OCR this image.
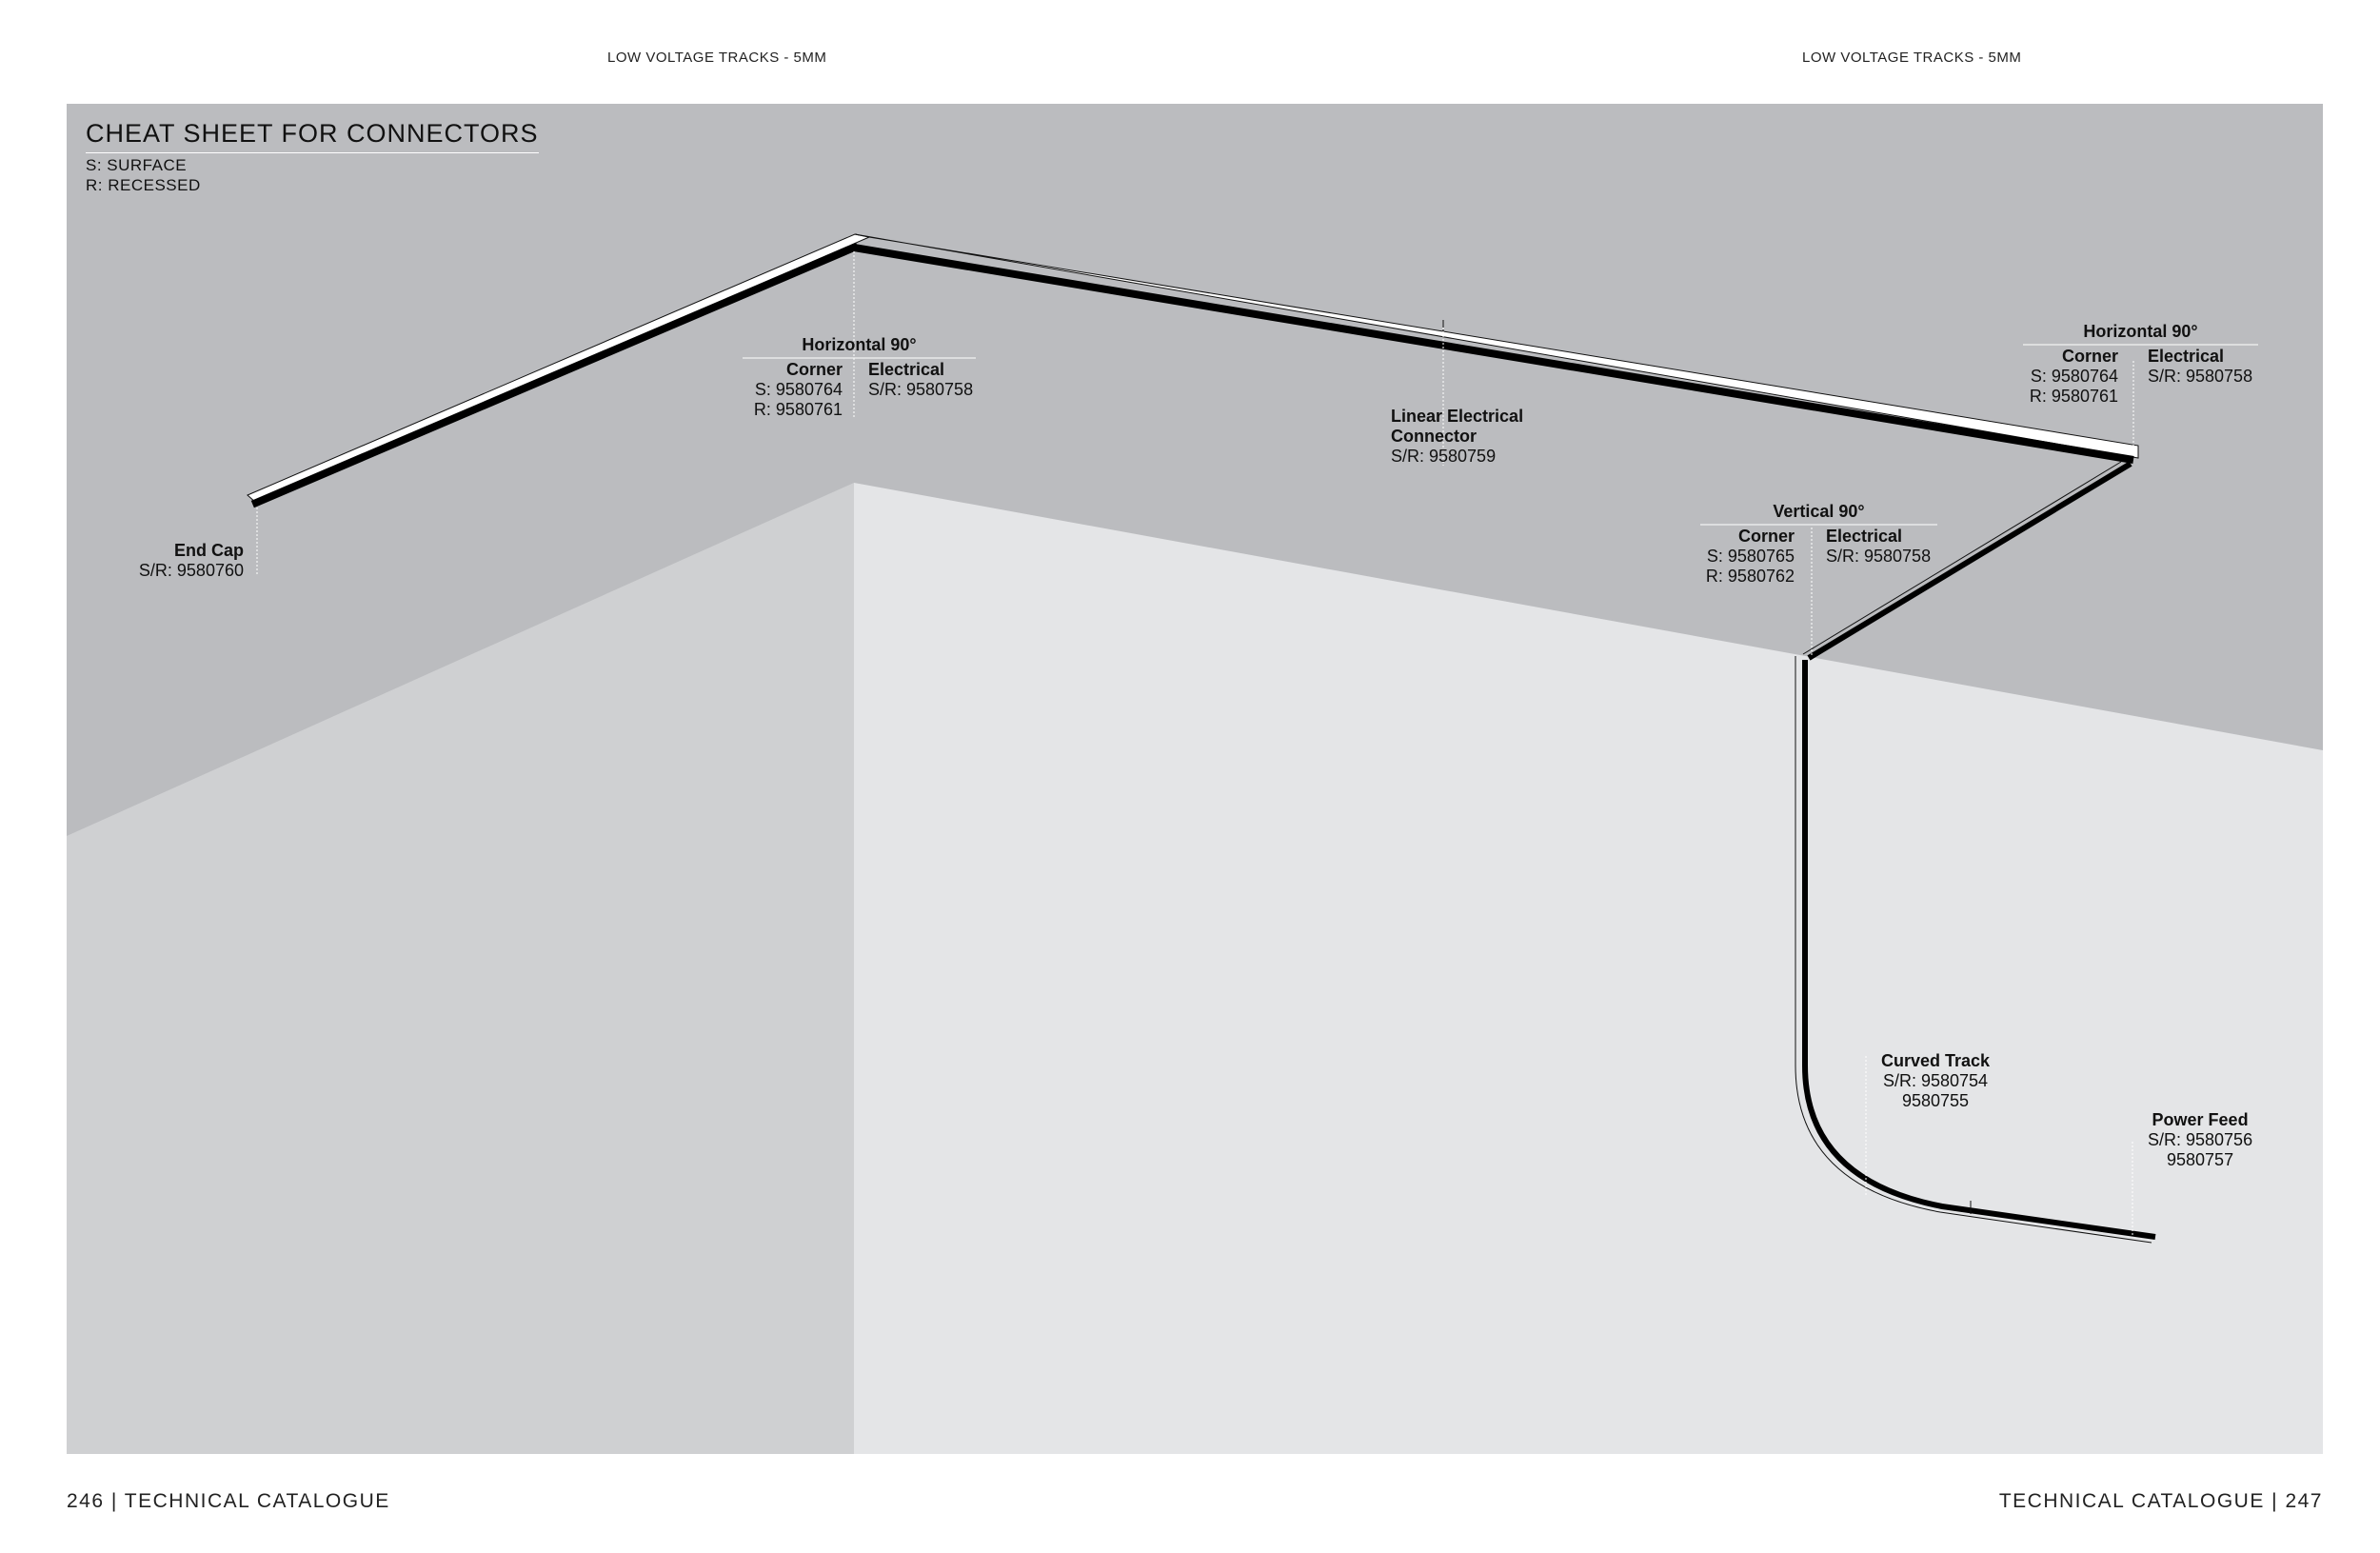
LOW VOLTAGE TRACKS - 5MM	LOW VOLTAGE TRACKS - 5MM
CHEAT SHEET FOR CONNECTORS
S: SURFACE
R: RECESSED
End Cap
S/R: 9580760
Horizontal 90°
Corner
S: 9580764
R: 9580761
Electrical
S/R: 9580758
Linear Electrical
Connector
S/R: 9580759
Horizontal 90°
Corner
S: 9580764
R: 9580761
Electrical
S/R: 9580758
Vertical 90°
Corner
S: 9580765
R: 9580762
Electrical
S/R: 9580758
Curved Track
S/R: 9580754
9580755
Power Feed
S/R: 9580756
9580757
246 | TECHNICAL CATALOGUE	TECHNICAL CATALOGUE | 247
